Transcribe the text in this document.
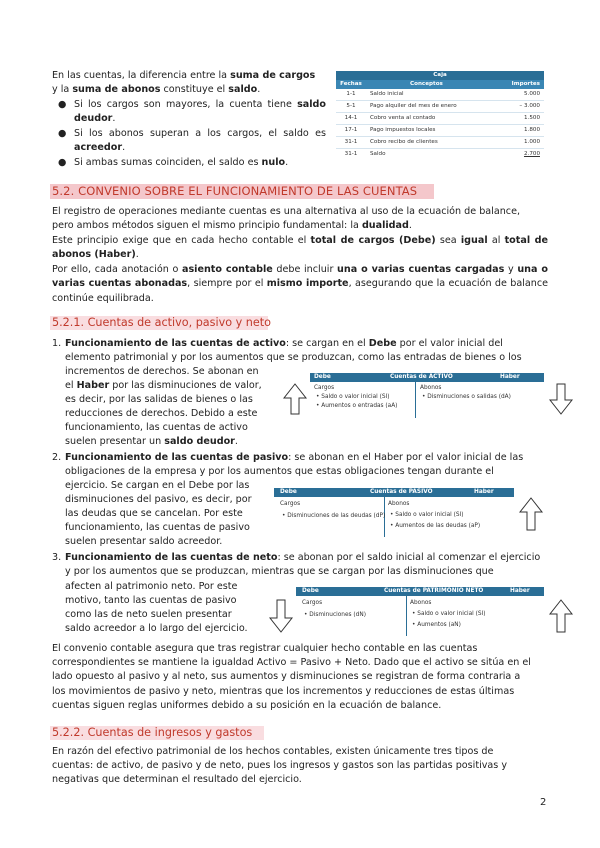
En las cuentas, la diferencia entre la suma de cargos
y la suma de abonos constituye el saldo.
● Si los cargos son mayores, la cuenta tiene saldo deudor.
● Si los abonos superan a los cargos, el saldo es acreedor.
● Si ambas sumas coinciden, el saldo es nulo.
Caja
Fechas	Conceptos	Importes
1-1	Saldo inicial	5.000
5-1	Pago alquiler del mes de enero	– 3.000
14-1	Cobro venta al contado	1.500
17-1	Pago impuestos locales	1.800
31-1	Cobro recibo de clientes	1.000
31-1	Saldo	2.700
5.2. CONVENIO SOBRE EL FUNCIONAMIENTO DE LAS CUENTAS
El registro de operaciones mediante cuentas es una alternativa al uso de la ecuación de balance,
pero ambos métodos siguen el mismo principio fundamental: la dualidad.
Este principio exige que en cada hecho contable el total de cargos (Debe) sea igual al total de abonos (Haber).
Por ello, cada anotación o asiento contable debe incluir una o varias cuentas cargadas y una o varias cuentas abonadas, siempre por el mismo importe, asegurando que la ecuación de balance continúe equilibrada.
5.2.1. Cuentas de activo, pasivo y neto
1. Funcionamiento de las cuentas de activo: se cargan en el Debe por el valor inicial del
elemento patrimonial y por los aumentos que se produzcan, como las entradas de bienes o los
incrementos de derechos. Se abonan en
el Haber por las disminuciones de valor,
es decir, por las salidas de bienes o las
reducciones de derechos. Debido a este
funcionamiento, las cuentas de activo
suelen presentar un saldo deudor.
Debe	Cuentas de ACTIVO	Haber
Cargos
• Saldo o valor inicial (SI)
• Aumentos o entradas (aA)
Abonos
• Disminuciones o salidas (dA)
2. Funcionamiento de las cuentas de pasivo: se abonan en el Haber por el valor inicial de las
obligaciones de la empresa y por los aumentos que estas obligaciones tengan durante el
ejercicio. Se cargan en el Debe por las
disminuciones del pasivo, es decir, por
las deudas que se cancelan. Por este
funcionamiento, las cuentas de pasivo
suelen presentar saldo acreedor.
Debe	Cuentas de PASIVO	Haber
Cargos
• Disminuciones de las deudas (dP)
Abonos
• Saldo o valor inicial (SI)
• Aumentos de las deudas (aP)
3. Funcionamiento de las cuentas de neto: se abonan por el saldo inicial al comenzar el ejercicio
y por los aumentos que se produzcan, mientras que se cargan por las disminuciones que
afecten al patrimonio neto. Por este
motivo, tanto las cuentas de pasivo
como las de neto suelen presentar
saldo acreedor a lo largo del ejercicio.
Debe	Cuentas de PATRIMONIO NETO	Haber
Cargos
• Disminuciones (dN)
Abonos
• Saldo o valor inicial (SI)
• Aumentos (aN)
El convenio contable asegura que tras registrar cualquier hecho contable en las cuentas
correspondientes se mantiene la igualdad Activo = Pasivo + Neto. Dado que el activo se sitúa en el
lado opuesto al pasivo y al neto, sus aumentos y disminuciones se registran de forma contraria a
los movimientos de pasivo y neto, mientras que los incrementos y reducciones de estas últimas
cuentas siguen reglas uniformes debido a su posición en la ecuación de balance.
5.2.2. Cuentas de ingresos y gastos
En razón del efectivo patrimonial de los hechos contables, existen únicamente tres tipos de
cuentas: de activo, de pasivo y de neto, pues los ingresos y gastos son las partidas positivas y
negativas que determinan el resultado del ejercicio.
2
